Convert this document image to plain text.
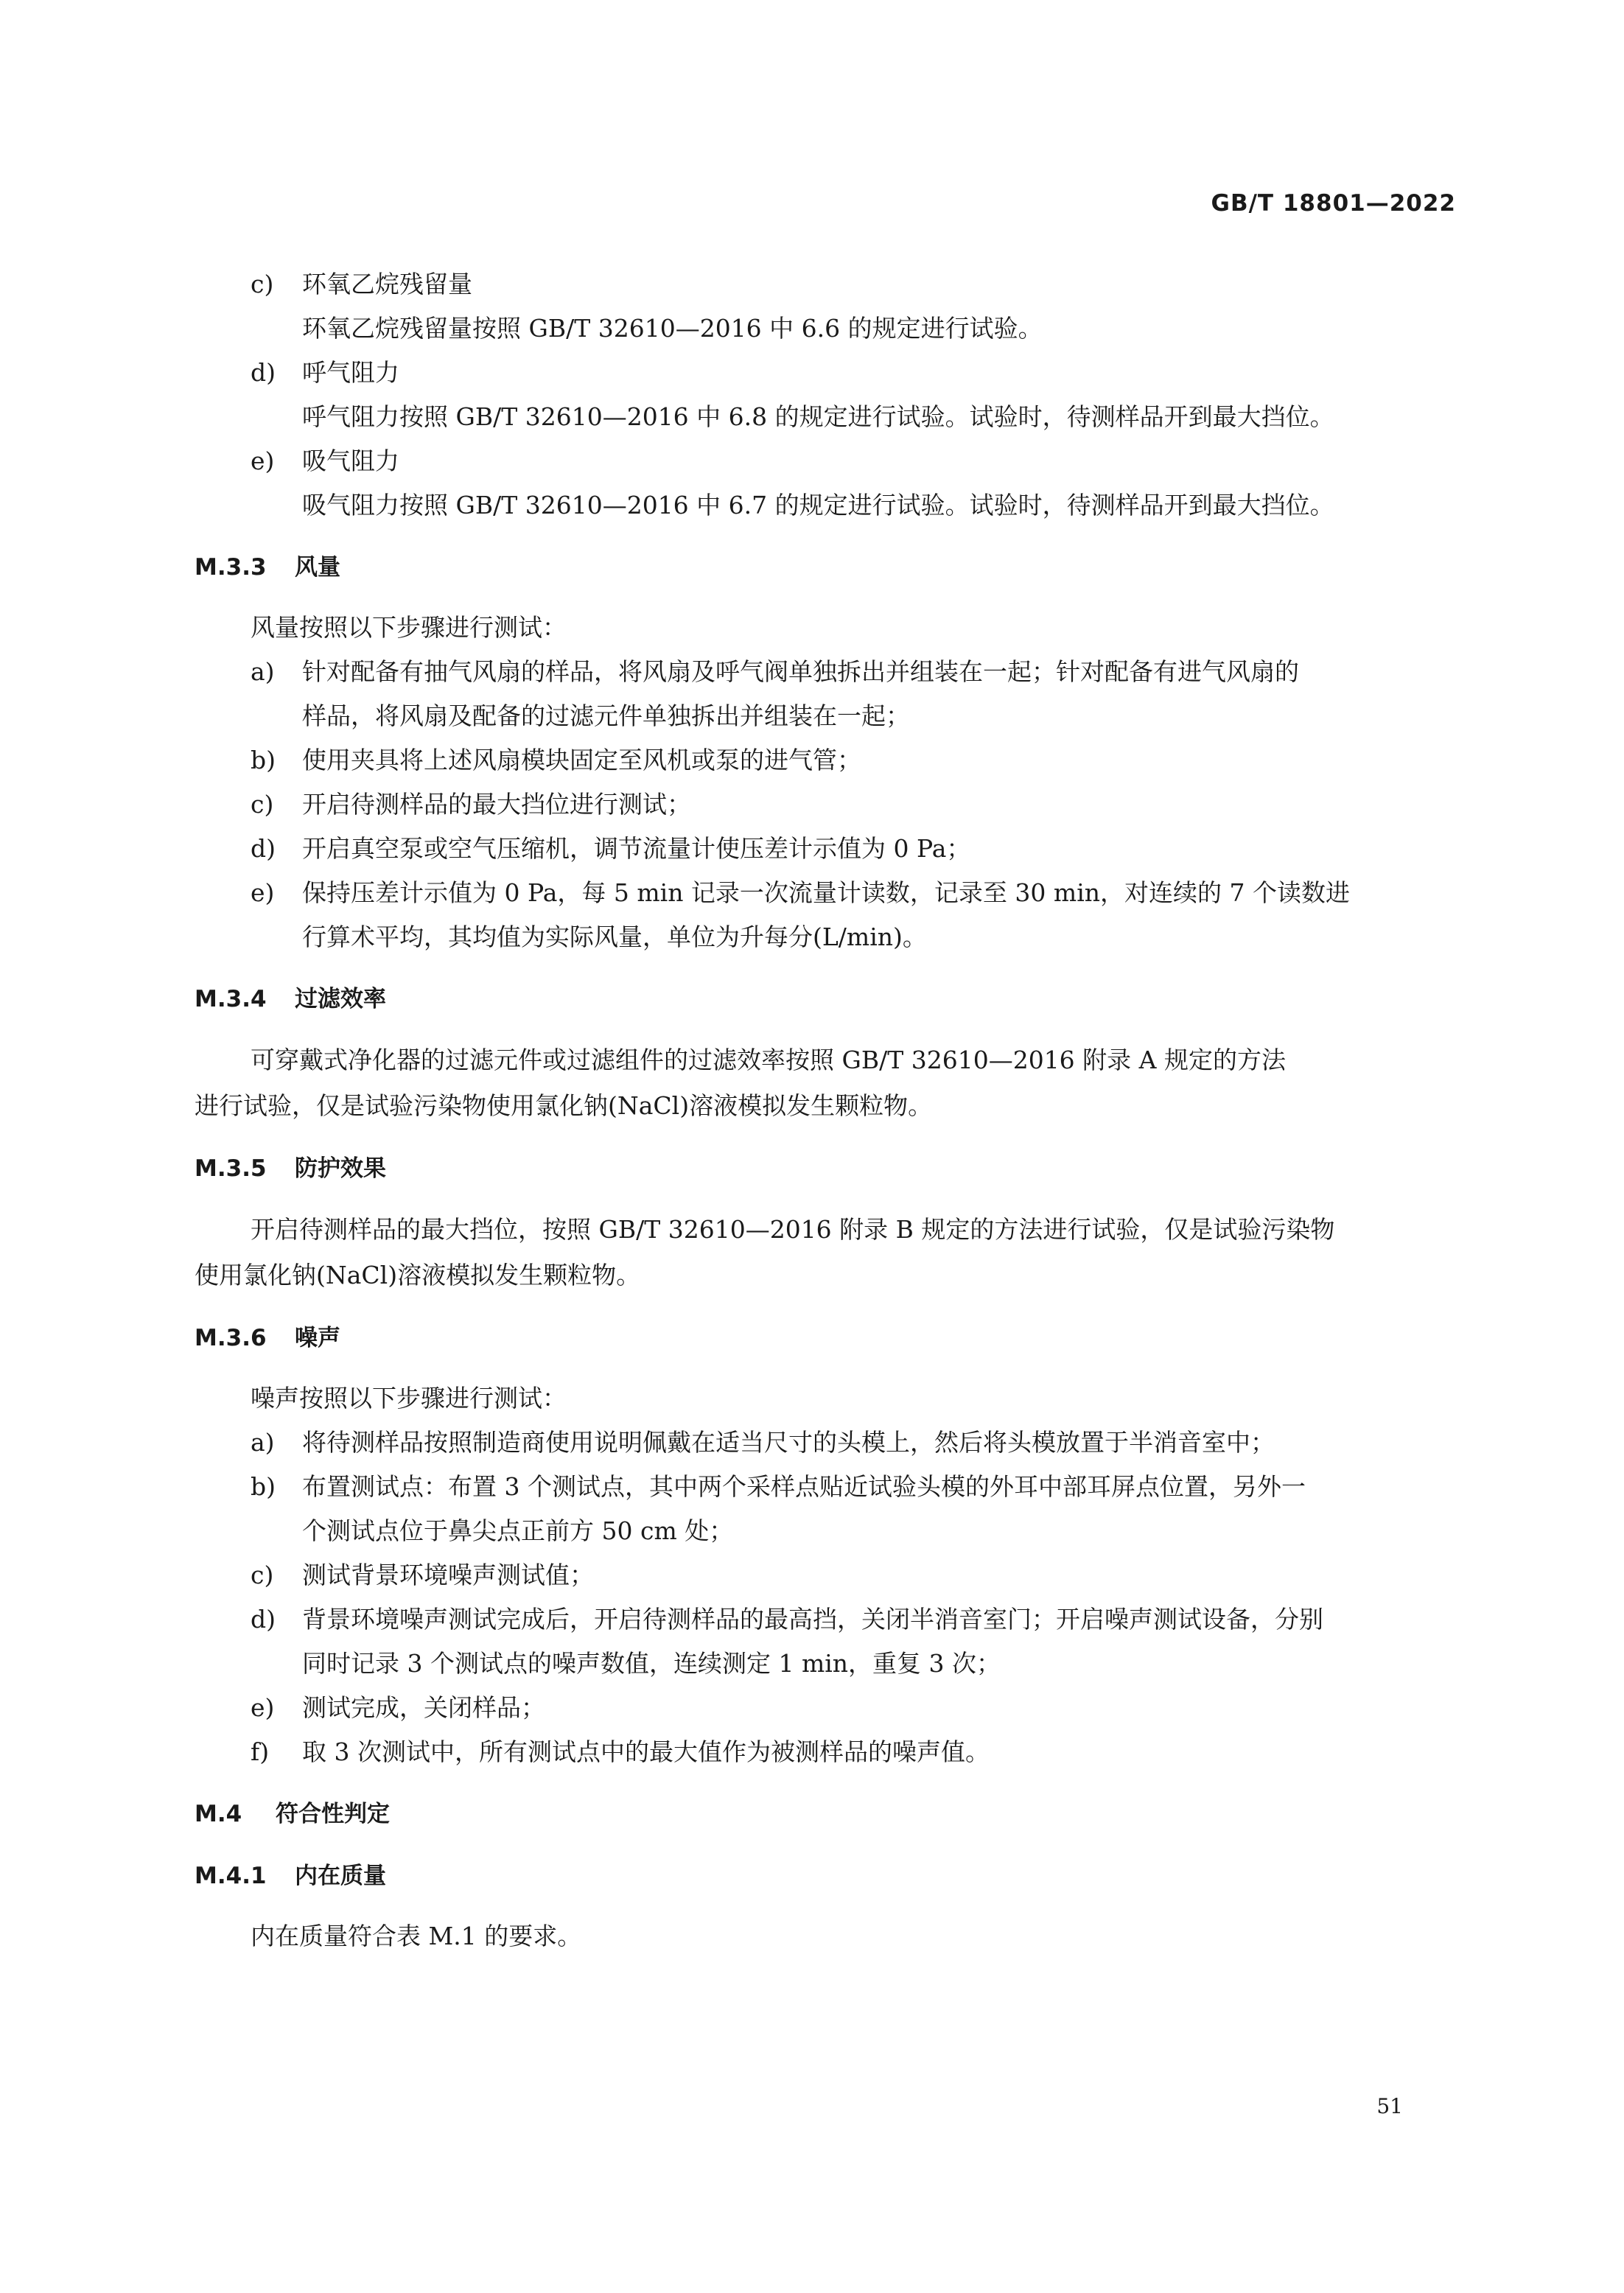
GB/T 18801—2022
c) 环氧乙烷残留量
环氧乙烷残留量按照 GB/T 32610—2016 中 6.6 的规定进行试验。
d) 呼气阻力
呼气阻力按照 GB/T 32610—2016 中 6.8 的规定进行试验。试验时，待测样品开到最大挡位。
e) 吸气阻力
吸气阻力按照 GB/T 32610—2016 中 6.7 的规定进行试验。试验时，待测样品开到最大挡位。
M.3.3 风量
风量按照以下步骤进行测试：
a) 针对配备有抽气风扇的样品，将风扇及呼气阀单独拆出并组装在一起；针对配备有进气风扇的
样品，将风扇及配备的过滤元件单独拆出并组装在一起；
b) 使用夹具将上述风扇模块固定至风机或泵的进气管；
c) 开启待测样品的最大挡位进行测试；
d) 开启真空泵或空气压缩机，调节流量计使压差计示值为 0 Pa；
e) 保持压差计示值为 0 Pa，每 5 min 记录一次流量计读数，记录至 30 min，对连续的 7 个读数进
行算术平均，其均值为实际风量，单位为升每分(L/min)。
M.3.4 过滤效率
可穿戴式净化器的过滤元件或过滤组件的过滤效率按照 GB/T 32610—2016 附录 A 规定的方法
进行试验，仅是试验污染物使用氯化钠(NaCl)溶液模拟发生颗粒物。
M.3.5 防护效果
开启待测样品的最大挡位，按照 GB/T 32610—2016 附录 B 规定的方法进行试验，仅是试验污染物
使用氯化钠(NaCl)溶液模拟发生颗粒物。
M.3.6 噪声
噪声按照以下步骤进行测试：
a) 将待测样品按照制造商使用说明佩戴在适当尺寸的头模上，然后将头模放置于半消音室中；
b) 布置测试点：布置 3 个测试点，其中两个采样点贴近试验头模的外耳中部耳屏点位置，另外一
个测试点位于鼻尖点正前方 50 cm 处；
c) 测试背景环境噪声测试值；
d) 背景环境噪声测试完成后，开启待测样品的最高挡，关闭半消音室门；开启噪声测试设备，分别
同时记录 3 个测试点的噪声数值，连续测定 1 min，重复 3 次；
e) 测试完成，关闭样品；
f) 取 3 次测试中，所有测试点中的最大值作为被测样品的噪声值。
M.4 符合性判定
M.4.1 内在质量
内在质量符合表 M.1 的要求。
51
